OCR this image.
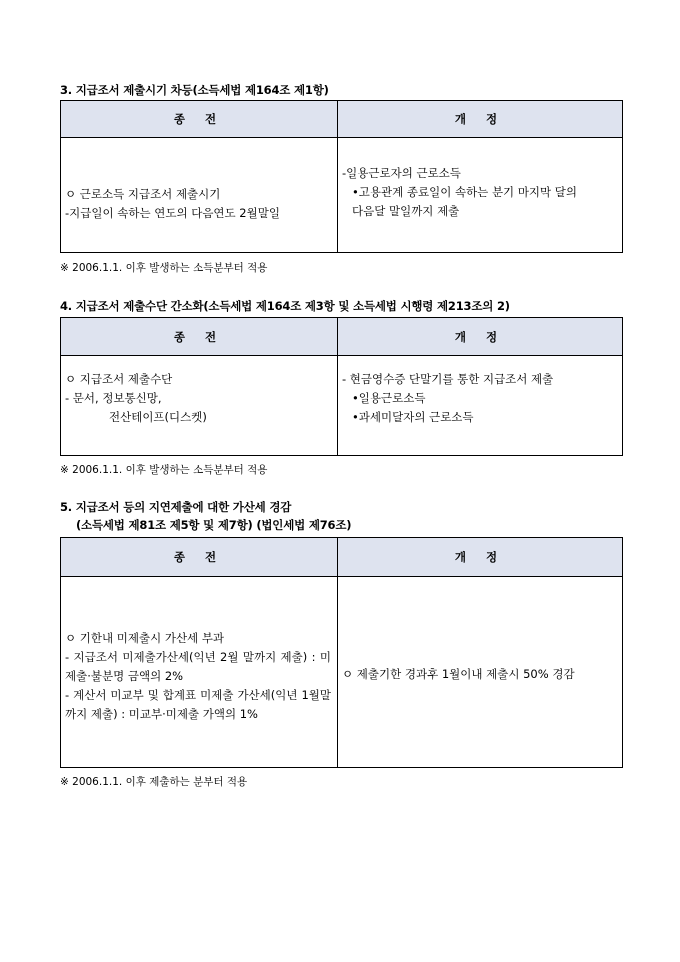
3. 지급조서 제출시기 차등(소득세법 제164조 제1항)
종 전	개 정

ㅇ 근로소득 지급조서 제출시기
-지급일이 속하는 연도의 다음연도 2월말일	-일용근로자의 근로소득
•고용관계 종료일이 속하는 분기 마지막 달의
다음달 말일까지 제출
※ 2006.1.1. 이후 발생하는 소득분부터 적용
4. 지급조서 제출수단 간소화(소득세법 제164조 제3항 및 소득세법 시행령 제213조의 2)
종 전	개 정

ㅇ 지급조서 제출수단
- 문서, 정보통신망,
전산테이프(디스켓)	- 현금영수증 단말기를 통한 지급조서 제출
•일용근로소득
•과세미달자의 근로소득
※ 2006.1.1. 이후 발생하는 소득분부터 적용
5. 지급조서 등의 지연제출에 대한 가산세 경감
(소득세법 제81조 제5항 및 제7항) (법인세법 제76조)
종 전	개 정

ㅇ 기한내 미제출시 가산세 부과
- 지급조서 미제출가산세(익년 2월 말까지 제출) : 미제출·불분명 금액의 2%
- 계산서 미교부 및 합계표 미제출 가산세(익년 1월말까지 제출) : 미교부·미제출 가액의 1%	ㅇ 제출기한 경과후 1월이내 제출시 50% 경감
※ 2006.1.1. 이후 제출하는 분부터 적용
